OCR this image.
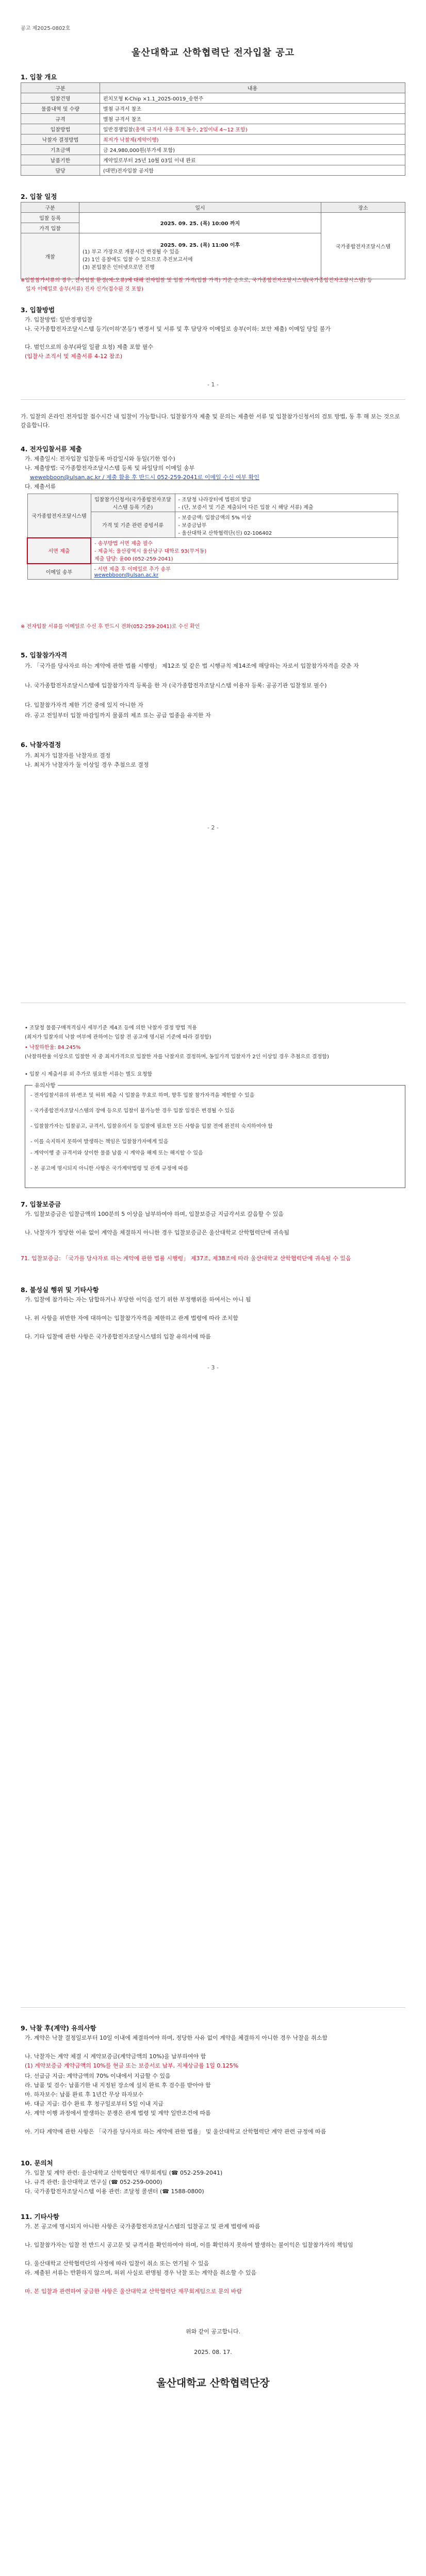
공고 제2025-0802호
울산대학교 산학협력단 전자입찰 공고
1. 입찰 개요
구분	내용
입찰건명	펀치모형 K-Chip ×1.1_2025-0019_송현주
물품내역 및 수량	별첨 규격서 참조
규격	별첨 규격서 참조
입찰방법	일반경쟁입찰(총액 규격서 사용 후적 동수, 2일이내 4~12 포함)
낙찰자 결정방법	최저가 낙찰제(계약이행)
기초금액	금 24,980,000원(부가세 포함)
납품기한	계약일로부터 25년 10월 03일 이내 완료
담당	(대면)전자입찰 공지함
2. 입찰 일정
구분	일시	장소
입찰 등록	2025. 09. 25. (목) 10:00 까지	국가종합전자조달시스템
가격 입찰		
개찰	2025. 09. 25. (목) 11:00 이후
(1) 부고 가장으로 개봉시간 변경될 수 있음
(2) 1인 응찰에도 입찰 수 있으므로 추진보고서에
(3) 본입찰은 인터넷으로만 진행	
※입찰참가서류의 경우, 전자입찰 환경(예:오류)에 대해 전자입찰 및 입찰 가격(입찰 가격) 기준 순으로, 국가종합전자조달시스템(국가종합전자조달시스템) 등
일자 이메일로 송부(서류) 진자 신가(접수된 것 포함)
3. 입찰방법
가. 입찰방법: 일반경쟁입찰
나. 국가종합전자조달시스템 등기(이하'본등') 변경서 및 서류 및 후 담당자 이메일로 송부(이하: 보안 제출) 이메일 당일 불가
다. 범인으로의 송부(파일 일괄 요청) 제출 포함 필수
(입찰사 조직서 및 제출서류 4-12 참조)
- 1 -
가. 입찰의 온라인 전자입찰 접수시간 내 입찰이 가능합니다. 입찰참가자 제출 및 문의는 제출한 서류 및 입찰참가신청서의 검토 방법, 동 후 해 보는 것으로 갈음합니다.
4. 전자입찰서류 제출
가. 제출일시: 전자입찰 입찰등록 마감일시와 동일(기한 엄수)
나. 제출방법: 국가종합전자조달시스템 등록 및 파일당의 이메일 송부
wewebboon@ulsan.ac.kr / 제출 활용 후 반드시 052-259-2041로 이메일 수신 여부 확인
다. 제출서류
국가종합전자조달시스템	입찰참가신청서(국가종합전자조달시스템 등록 기준)	- 조달청 나라장터에 법원의 발급
- (단, 보증서 및 기준 제출되어 다른 입찰 시 해당 서류) 제출

	가격 및 기준 관련 증빙서류	- 보증금액: 입찰금액의 5% 이상
- 보증금납부
- 울산대학교 산학협력단(신) 02-106402

서면 제출	- 송부방법 서면 제출 필수
- 제출처: 울산광역시 울산남구 대학로 93(무거동)
제출 담당: 윤00 (052-259-2041)	

이메일 송부	- 서면 제출 후 이메일로 추가 송부
wewebboon@ulsan.ac.kr	
※ 전자입찰 서류를 이메일로 수신 후 반드시 전화(052-259-2041)로 수신 확인
5. 입찰참가자격
가. 「국가를 당사자로 하는 계약에 관한 법률 시행령」 제12조 및 같은 법 시행규칙 제14조에 해당하는 자로서 입찰참가자격을 갖춘 자
나. 국가종합전자조달시스템에 입찰참가자격 등록을 한 자 (국가종합전자조달시스템 이용자 등록: 공공기관 입찰정보 필수)
다. 입찰참가자격 제한 기간 중에 있지 아니한 자
라. 공고 전일부터 입찰 마감일까지 물품의 제조 또는 공급 업종을 유지한 자
6. 낙찰자결정
가. 최저가 입찰자를 낙찰자로 결정
나. 최저가 낙찰자가 둘 이상일 경우 추첨으로 결정
- 2 -
• 조달청 물품구매적격심사 세부기준 제4조 등에 의한 낙찰자 결정 방법 적용
(최저가 입찰자의 낙찰 여부에 관하여는 입찰 전 공고에 명시된 기준에 따라 결정함)
• 낙찰하한율: 84.245%
(낙찰하한율 이상으로 입찰한 자 중 최저가격으로 입찰한 자를 낙찰자로 결정하며, 동일가격 입찰자가 2인 이상일 경우 추첨으로 결정함)
• 입찰 시 제출서류 외 추가로 필요한 서류는 별도 요청함
유의사항
- 전자입찰서류의 위·변조 및 허위 제출 시 입찰을 무효로 하며, 향후 입찰 참가자격을 제한할 수 있음
- 국가종합전자조달시스템의 장애 등으로 입찰이 불가능한 경우 입찰 일정은 변경될 수 있음
- 입찰참가자는 입찰공고, 규격서, 입찰유의서 등 입찰에 필요한 모든 사항을 입찰 전에 완전히 숙지하여야 함
- 이를 숙지하지 못하여 발생하는 책임은 입찰참가자에게 있음
- 계약이행 중 규격서와 상이한 물품 납품 시 계약을 해제 또는 해지할 수 있음
- 본 공고에 명시되지 아니한 사항은 국가계약법령 및 관계 규정에 따름
7. 입찰보증금
가. 입찰보증금은 입찰금액의 100분의 5 이상을 납부하여야 하며, 입찰보증금 지급각서로 갈음할 수 있음
나. 낙찰자가 정당한 이유 없이 계약을 체결하지 아니한 경우 입찰보증금은 울산대학교 산학협력단에 귀속됨
71. 입찰보증금: 「국가를 당사자로 하는 계약에 관한 법률 시행령」 제37조, 제38조에 따라 울산대학교 산학협력단에 귀속될 수 있음
8. 불성실 행위 및 기타사항
가. 입찰에 참가하는 자는 담합하거나 부당한 이익을 얻기 위한 부정행위를 하여서는 아니 됨
나. 위 사항을 위반한 자에 대하여는 입찰참가자격을 제한하고 관계 법령에 따라 조치함
다. 기타 입찰에 관한 사항은 국가종합전자조달시스템의 입찰 유의서에 따름
- 3 -
9. 낙찰 후(계약) 유의사항
가. 계약은 낙찰 결정일로부터 10일 이내에 체결하여야 하며, 정당한 사유 없이 계약을 체결하지 아니한 경우 낙찰을 취소함
나. 낙찰자는 계약 체결 시 계약보증금(계약금액의 10%)을 납부하여야 함
(1) 계약보증금 계약금액의 10%를 현금 또는 보증서로 납부, 지체상금률 1일 0.125%
다. 선급금 지급: 계약금액의 70% 이내에서 지급할 수 있음
라. 납품 및 검수: 납품기한 내 지정된 장소에 설치 완료 후 검수를 받아야 함
마. 하자보수: 납품 완료 후 1년간 무상 하자보수
바. 대금 지급: 검수 완료 후 청구일로부터 5일 이내 지급
사. 계약 이행 과정에서 발생하는 분쟁은 관계 법령 및 계약 일반조건에 따름
아. 기타 계약에 관한 사항은 「국가를 당사자로 하는 계약에 관한 법률」 및 울산대학교 산학협력단 계약 관련 규정에 따름
10. 문의처
가. 입찰 및 계약 관련: 울산대학교 산학협력단 재무회계팀 (☎ 052-259-2041)
나. 규격 관련: 울산대학교 연구실 (☎ 052-259-0000)
다. 국가종합전자조달시스템 이용 관련: 조달청 콜센터 (☎ 1588-0800)
11. 기타사항
가. 본 공고에 명시되지 아니한 사항은 국가종합전자조달시스템의 입찰공고 및 관계 법령에 따름
나. 입찰참가자는 입찰 전 반드시 공고문 및 규격서를 확인하여야 하며, 이를 확인하지 못하여 발생하는 불이익은 입찰참가자의 책임임
다. 울산대학교 산학협력단의 사정에 따라 입찰이 취소 또는 연기될 수 있음
라. 제출된 서류는 반환하지 않으며, 허위 사실로 판명될 경우 낙찰 또는 계약을 취소할 수 있음
마. 본 입찰과 관련하여 궁금한 사항은 울산대학교 산학협력단 재무회계팀으로 문의 바람
위와 같이 공고합니다.
2025. 08. 17.
울산대학교 산학협력단장
